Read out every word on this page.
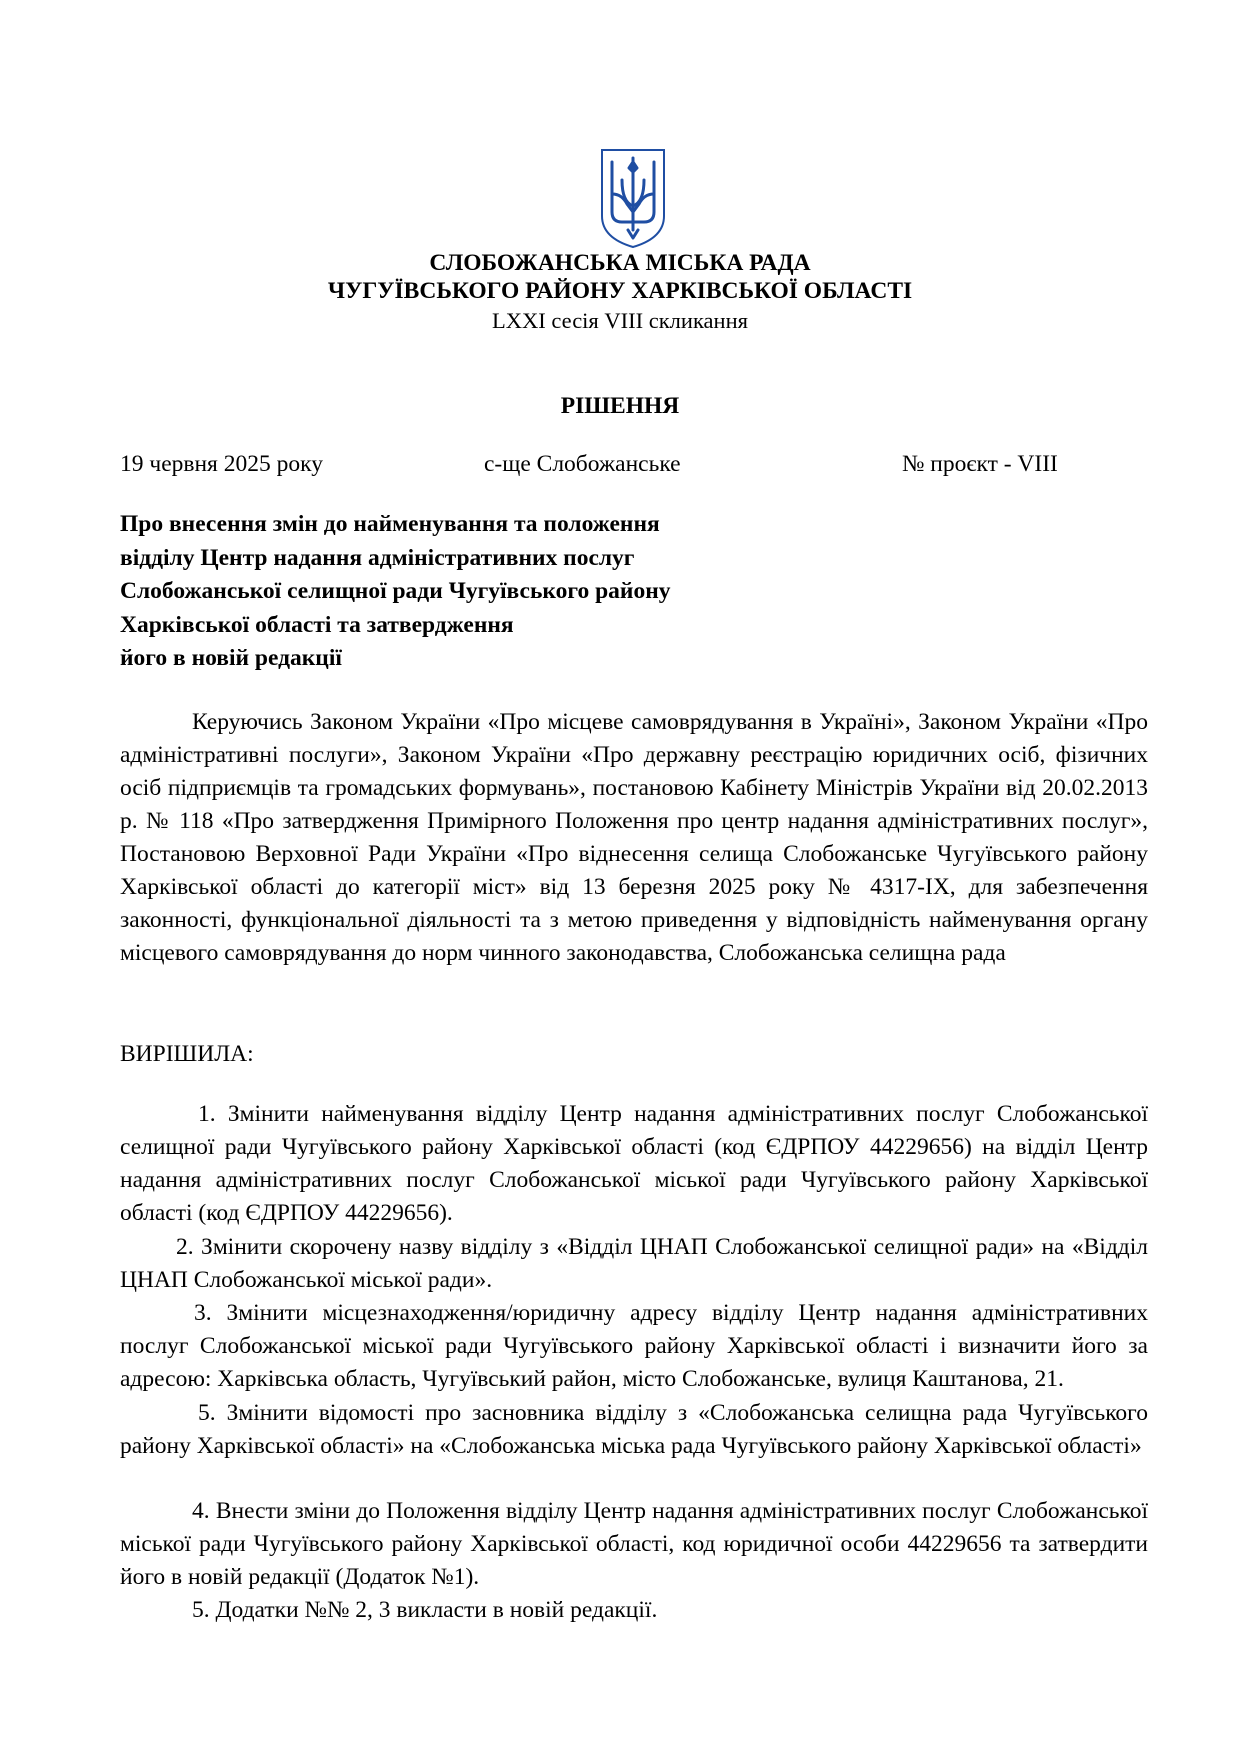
СЛОБОЖАНСЬКА МІСЬКА РАДА
ЧУГУЇВСЬКОГО РАЙОНУ ХАРКІВСЬКОЇ ОБЛАСТІ
LXXI сесія VIII скликання
РІШЕННЯ
19 червня 2025 року	с-ще Слобожанське	№ проєкт - VIII
Про внесення змін до найменування та положення
відділу Центр надання адміністративних послуг
Слобожанської селищної ради Чугуївського району
Харківської області та затвердження
його в новій редакції
Керуючись Законом України «Про місцеве самоврядування в Україні», Законом України «Про адміністративні послуги», Законом України «Про державну реєстрацію юридичних осіб, фізичних осіб підприємців та громадських формувань», постановою Кабінету Міністрів України від 20.02.2013 р. № 118 «Про затвердження Примірного Положення про центр надання адміністративних послуг», Постановою Верховної Ради України «Про віднесення селища Слобожанське Чугуївського району Харківської області до категорії міст» від 13 березня 2025 року № 4317-IX, для забезпечення законності, функціональної діяльності та з метою приведення у відповідність найменування органу місцевого самоврядування до норм чинного законодавства, Слобожанська селищна рада
ВИРІШИЛА:
1. Змінити найменування відділу Центр надання адміністративних послуг Слобожанської селищної ради Чугуївського району Харківської області (код ЄДРПОУ 44229656) на відділ Центр надання адміністративних послуг Слобожанської міської ради Чугуївського району Харківської області (код ЄДРПОУ 44229656).
2. Змінити скорочену назву відділу з «Відділ ЦНАП Слобожанської селищної ради» на «Відділ ЦНАП Слобожанської міської ради».
3. Змінити місцезнаходження/юридичну адресу відділу Центр надання адміністративних послуг Слобожанської міської ради Чугуївського району Харківської області і визначити його за адресою: Харківська область, Чугуївський район, місто Слобожанське, вулиця Каштанова, 21.
5. Змінити відомості про засновника відділу з «Слобожанська селищна рада Чугуївського району Харківської області» на «Слобожанська міська рада Чугуївського району Харківської області»
4. Внести зміни до Положення відділу Центр надання адміністративних послуг Слобожанської міської ради Чугуївського району Харківської області, код юридичної особи 44229656 та затвердити його в новій редакції (Додаток №1).
5. Додатки №№ 2, 3 викласти в новій редакції.
